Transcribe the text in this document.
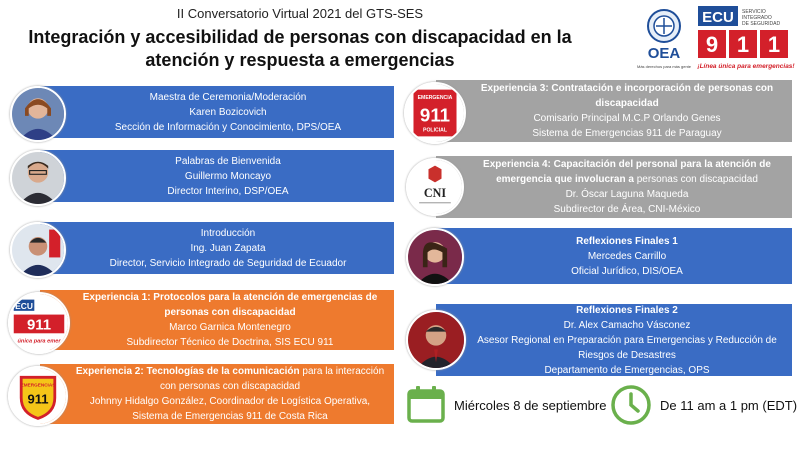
II Conversatorio Virtual 2021 del GTS-SES
Integración y accesibilidad de personas con discapacidad en la
atención y respuesta a emergencias	OEA
Más derechos para más gente
ECU SERVICIO
INTEGRADO
DE SEGURIDAD
9 1 1
¡Línea única para emergencias!
Maestra de Ceremonia/Moderación
Karen Bozicovich
Sección de Información y Conocimiento, DPS/OEA
Palabras de Bienvenida
Guillermo Moncayo
Director Interino, DSP/OEA
Introducción
Ing. Juan Zapata
Director, Servicio Integrado de Seguridad de Ecuador
ECU
911
única para emer
Experiencia 1: Protocolos para la atención de emergencias de personas con discapacidad
Marco Garnica Montenegro
Subdirector Técnico de Doctrina, SIS ECU 911
EMERGENCIAS
911
Experiencia 2: Tecnologías de la comunicación para la interacción con personas con discapacidad
Johnny Hidalgo González, Coordinador de Logística Operativa,
Sistema de Emergencias 911 de Costa Rica
EMERGENCIA
911
POLICIAL
Experiencia 3: Contratación e incorporación de personas con discapacidad
Comisario Principal M.C.P Orlando Genes
Sistema de Emergencias 911 de Paraguay
CNI
Experiencia 4: Capacitación del personal para la atención de emergencia que involucran a personas con discapacidad
Dr. Óscar Laguna Maqueda
Subdirector de Área, CNI-México
Reflexiones Finales 1
Mercedes Carrillo
Oficial Jurídico, DIS/OEA
Reflexiones Finales 2
Dr. Alex Camacho Vásconez
Asesor Regional en Preparación para Emergencias y Reducción de Riesgos de Desastres
Departamento de Emergencias, OPS
Miércoles 8 de septiembre	De 11 am a 1 pm (EDT)
